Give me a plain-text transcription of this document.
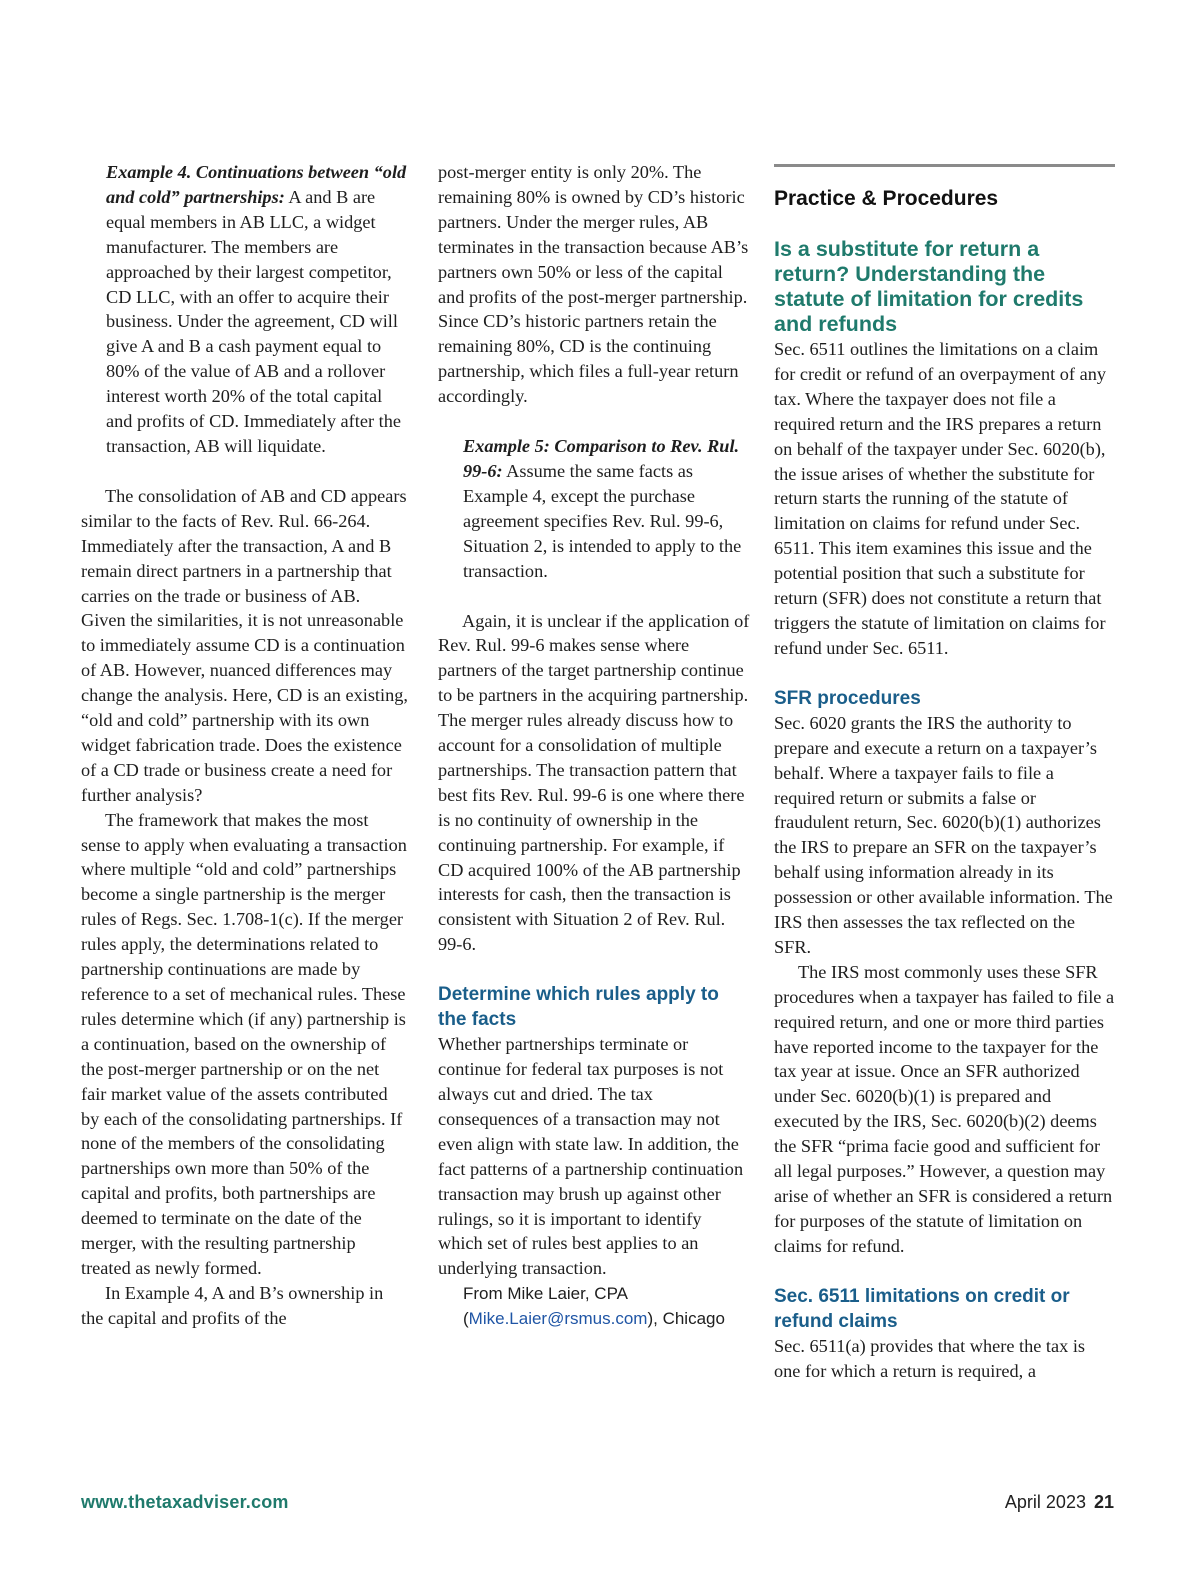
Example 4. Continuations between “old and cold” partnerships: A and B are equal members in AB LLC, a widget manufacturer. The members are approached by their largest competitor, CD LLC, with an offer to acquire their business. Under the agreement, CD will give A and B a cash payment equal to 80% of the value of AB and a rollover interest worth 20% of the total capital and profits of CD. Immediately after the transaction, AB will liquidate.

The consolidation of AB and CD appears similar to the facts of Rev. Rul. 66-264. Immediately after the transaction, A and B remain direct partners in a partnership that carries on the trade or business of AB. Given the similarities, it is not unreasonable to immediately assume CD is a continuation of AB. However, nuanced differences may change the analysis. Here, CD is an existing, “old and cold” partnership with its own widget fabrication trade. Does the existence of a CD trade or business create a need for further analysis?

The framework that makes the most sense to apply when evaluating a transaction where multiple “old and cold” partnerships become a single partnership is the merger rules of Regs. Sec. 1.708-1(c). If the merger rules apply, the determinations related to partnership continuations are made by reference to a set of mechanical rules. These rules determine which (if any) partnership is a continuation, based on the ownership of the post-merger partnership or on the net fair market value of the assets contributed by each of the consolidating partnerships. If none of the members of the consolidating partnerships own more than 50% of the capital and profits, both partnerships are deemed to terminate on the date of the merger, with the resulting partnership treated as newly formed.

In Example 4, A and B’s ownership in the capital and profits of the

post-merger entity is only 20%. The remaining 80% is owned by CD’s historic partners. Under the merger rules, AB terminates in the transaction because AB’s partners own 50% or less of the capital and profits of the post-merger partnership. Since CD’s historic partners retain the remaining 80%, CD is the continuing partnership, which files a full-year return accordingly.

Example 5: Comparison to Rev. Rul. 99-6: Assume the same facts as Example 4, except the purchase agreement specifies Rev. Rul. 99-6, Situation 2, is intended to apply to the transaction.

Again, it is unclear if the application of Rev. Rul. 99-6 makes sense where partners of the target partnership continue to be partners in the acquiring partnership. The merger rules already discuss how to account for a consolidation of multiple partnerships. The transaction pattern that best fits Rev. Rul. 99-6 is one where there is no continuity of ownership in the continuing partnership. For example, if CD acquired 100% of the AB partnership interests for cash, then the transaction is consistent with Situation 2 of Rev. Rul. 99-6.

Determine which rules apply to the facts

Whether partnerships terminate or continue for federal tax purposes is not always cut and dried. The tax consequences of a transaction may not even align with state law. In addition, the fact patterns of a partnership continuation transaction may brush up against other rulings, so it is important to identify which set of rules best applies to an underlying transaction.

From Mike Laier, CPA (Mike.Laier@rsmus.com), Chicago
Practice & Procedures
Is a substitute for return a return? Understanding the statute of limitation for credits and refunds

Sec. 6511 outlines the limitations on a claim for credit or refund of an overpayment of any tax. Where the taxpayer does not file a required return and the IRS prepares a return on behalf of the taxpayer under Sec. 6020(b), the issue arises of whether the substitute for return starts the running of the statute of limitation on claims for refund under Sec. 6511. This item examines this issue and the potential position that such a substitute for return (SFR) does not constitute a return that triggers the statute of limitation on claims for refund under Sec. 6511.

SFR procedures

Sec. 6020 grants the IRS the authority to prepare and execute a return on a taxpayer’s behalf. Where a taxpayer fails to file a required return or submits a false or fraudulent return, Sec. 6020(b)(1) authorizes the IRS to prepare an SFR on the taxpayer’s behalf using information already in its possession or other available information. The IRS then assesses the tax reflected on the SFR.

The IRS most commonly uses these SFR procedures when a taxpayer has failed to file a required return, and one or more third parties have reported income to the taxpayer for the tax year at issue. Once an SFR authorized under Sec. 6020(b)(1) is prepared and executed by the IRS, Sec. 6020(b)(2) deems the SFR “prima facie good and sufficient for all legal purposes.” However, a question may arise of whether an SFR is considered a return for purposes of the statute of limitation on claims for refund.

Sec. 6511 limitations on credit or refund claims

Sec. 6511(a) provides that where the tax is one for which a return is required, a

www.thetaxadviser.com	April 2023 21
